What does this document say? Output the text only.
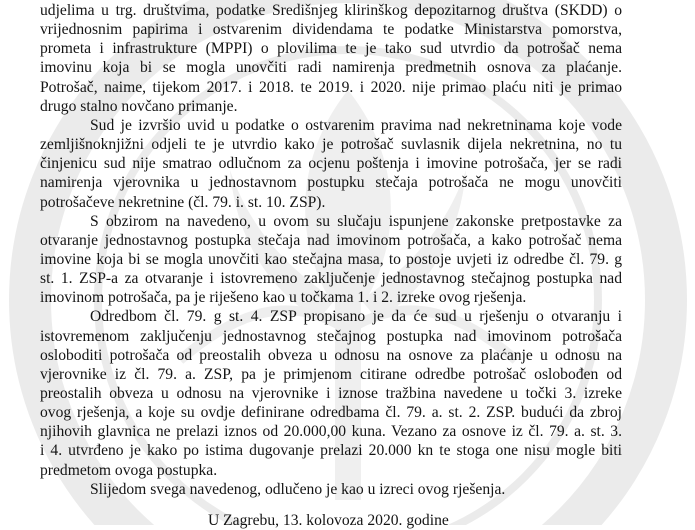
udjelima u trg. društvima, podatke Središnjeg klirinškog depozitarnog društva (SKDD) o
vrijednosnim papirima i ostvarenim dividendama te podatke Ministarstva pomorstva,
prometa i infrastrukture (MPPI) o plovilima te je tako sud utvrdio da potrošač nema
imovinu koja bi se mogla unovčiti radi namirenja predmetnih osnova za plaćanje.
Potrošač, naime, tijekom 2017. i 2018. te 2019. i 2020. nije primao plaću niti je primao
drugo stalno novčano primanje.
Sud je izvršio uvid u podatke o ostvarenim pravima nad nekretninama koje vode
zemljišnoknjižni odjeli te je utvrdio kako je potrošač suvlasnik dijela nekretnina, no tu
činjenicu sud nije smatrao odlučnom za ocjenu poštenja i imovine potrošača, jer se radi
namirenja vjerovnika u jednostavnom postupku stečaja potrošača ne mogu unovčiti
potrošačeve nekretnine (čl. 79. i. st. 10. ZSP).
S obzirom na navedeno, u ovom su slučaju ispunjene zakonske pretpostavke za
otvaranje jednostavnog postupka stečaja nad imovinom potrošača, a kako potrošač nema
imovine koja bi se mogla unovčiti kao stečajna masa, to postoje uvjeti iz odredbe čl. 79. g
st. 1. ZSP-a za otvaranje i istovremeno zaključenje jednostavnog stečajnog postupka nad
imovinom potrošača, pa je riješeno kao u točkama 1. i 2. izreke ovog rješenja.
Odredbom čl. 79. g st. 4. ZSP propisano je da će sud u rješenju o otvaranju i
istovremenom zaključenju jednostavnog stečajnog postupka nad imovinom potrošača
osloboditi potrošača od preostalih obveza u odnosu na osnove za plaćanje u odnosu na
vjerovnike iz čl. 79. a. ZSP, pa je primjenom citirane odredbe potrošač oslobođen od
preostalih obveza u odnosu na vjerovnike i iznose tražbina navedene u točki 3. izreke
ovog rješenja, a koje su ovdje definirane odredbama čl. 79. a. st. 2. ZSP. budući da zbroj
njihovih glavnica ne prelazi iznos od 20.000,00 kuna. Vezano za osnove iz čl. 79. a. st. 3.
i 4. utvrđeno je kako po istima dugovanje prelazi 20.000 kn te stoga one nisu mogle biti
predmetom ovoga postupka.
Slijedom svega navedenog, odlučeno je kao u izreci ovog rješenja.
U Zagrebu, 13. kolovoza 2020. godine
